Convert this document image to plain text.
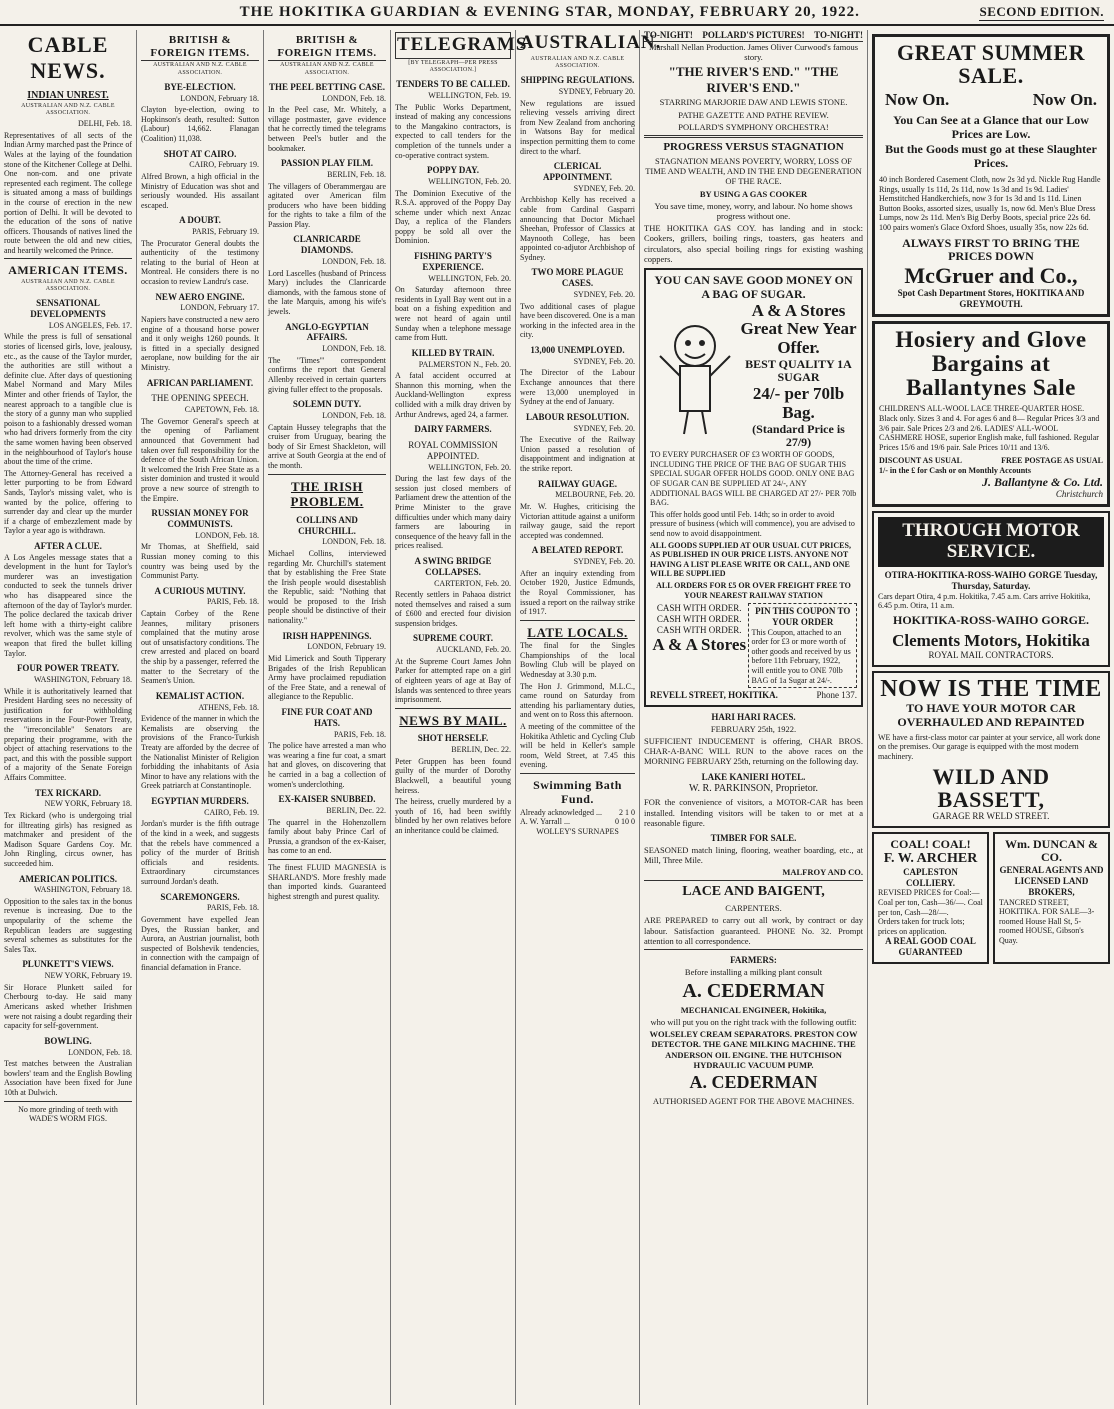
THE HOKITIKA GUARDIAN & EVENING STAR, MONDAY, FEBRUARY 20, 1922.	SECOND EDITION.
CABLE NEWS.
INDIAN UNREST.
AUSTRALIAN AND N.Z. CABLE ASSOCIATION.

DELHI, Feb. 18.

Representatives of all sects of the Indian Army marched past the Prince of Wales at the laying of the foundation stone of the Kitchener College at Delhi. One non-com. and one private represented each regiment. The college is situated among a mass of buildings in the course of erection in the new portion of Delhi. It will be devoted to the education of the sons of native officers. Thousands of natives lined the route between the old and new cities, and heartily welcomed the Prince.

AMERICAN ITEMS.
AUSTRALIAN AND N.Z. CABLE ASSOCIATION.
SENSATIONAL DEVELOPMENTS

LOS ANGELES, Feb. 17.

While the press is full of sensational stories of licensed girls, love, jealousy, etc., as the cause of the Taylor murder, the authorities are still without a definite clue. After days of questioning Mabel Normand and Mary Miles Minter and other friends of Taylor, the nearest approach to a tangible clue is the story of a gunny man who supplied poison to a fashionably dressed woman who had drivers formerly from the city the same women having been observed in the neighbourhood of Taylor's house about the time of the crime.

The Attorney-General has received a letter purporting to be from Edward Sands, Taylor's missing valet, who is wanted by the police, offering to surrender day and clear up the murder if a charge of embezzlement made by Taylor a year ago is withdrawn.

AFTER A CLUE.

A Los Angeles message states that a development in the hunt for Taylor's murderer was an investigation conducted to seek the tunnels driver who has disappeared since the afternoon of the day of Taylor's murder. The police declared the taxicab driver left home with a thirty-eight calibre revolver, which was the same style of weapon that fired the bullet killing Taylor.

FOUR POWER TREATY.

WASHINGTON, February 18.

While it is authoritatively learned that President Harding sees no necessity of justification for withholding reservations in the Four-Power Treaty, the "irreconcilable" Senators are preparing their programme, with the object of attaching reservations to the pact, and this with the possible support of a majority of the Senate Foreign Affairs Committee.

TEX RICKARD.

NEW YORK, February 18.

Tex Rickard (who is undergoing trial for illtreating girls) has resigned as matchmaker and president of the Madison Square Gardens Coy. Mr. John Ringling, circus owner, has succeeded him.

AMERICAN POLITICS.

WASHINGTON, February 18.

Opposition to the sales tax in the bonus revenue is increasing. Due to the unpopularity of the scheme the Republican leaders are suggesting several schemes as substitutes for the Sales Tax.

PLUNKETT'S VIEWS.

NEW YORK, February 19.

Sir Horace Plunkett sailed for Cherbourg to-day. He said many Americans asked whether Irishmen were not raising a doubt regarding their capacity for self-government.

BOWLING.

LONDON, Feb. 18.

Test matches between the Australian bowlers' team and the English Bowling Association have been fixed for June 10th at Dulwich.

No more grinding of teeth with WADE'S WORM FIGS.

BRITISH & FOREIGN ITEMS.
AUSTRALIAN AND N.Z. CABLE ASSOCIATION.
BYE-ELECTION.

LONDON, February 18.

Clayton bye-election, owing to Hopkinson's death, resulted: Sutton (Labour) 14,662. Flanagan (Coalition) 11,038.

SHOT AT CAIRO.

CAIRO, February 19.

Alfred Brown, a high official in the Ministry of Education was shot and seriously wounded. His assailant escaped.

A DOUBT.

PARIS, February 19.

The Procurator General doubts the authenticity of the testimony relating to the burial of Heon at Montreal. He considers there is no occasion to review Landru's case.

NEW AERO ENGINE.

LONDON, February 17.

Napiers have constructed a new aero engine of a thousand horse power and it only weighs 1260 pounds. It is fitted in a specially designed aeroplane, now building for the air Ministry.

AFRICAN PARLIAMENT.
THE OPENING SPEECH.

CAPETOWN, Feb. 18.

The Governor General's speech at the opening of Parliament announced that Government had taken over full responsibility for the defence of the South African Union. It welcomed the Irish Free State as a sister dominion and trusted it would prove a new source of strength to the Empire.

RUSSIAN MONEY FOR COMMUNISTS.

LONDON, Feb. 18.

Mr Thomas, at Sheffield, said Russian money coming to this country was being used by the Communist Party.

A CURIOUS MUTINY.

PARIS, Feb. 18.

Captain Corbey of the Rene Jeannes, military prisoners complained that the mutiny arose out of unsatisfactory conditions. The crew arrested and placed on board the ship by a passenger, referred the matter to the Secretary of the Seamen's Union.

KEMALIST ACTION.

ATHENS, Feb. 18.

Evidence of the manner in which the Kemalists are observing the provisions of the Franco-Turkish Treaty are afforded by the decree of the Nationalist Minister of Religion forbidding the inhabitants of Asia Minor to have any relations with the Greek patriarch at Constantinople.

EGYPTIAN MURDERS.

CAIRO, Feb. 19.

Jordan's murder is the fifth outrage of the kind in a week, and suggests that the rebels have commenced a policy of the murder of British officials and residents. Extraordinary circumstances surround Jordan's death.

SCAREMONGERS.

PARIS, Feb. 18.

Government have expelled Jean Dyes, the Russian banker, and Aurora, an Austrian journalist, both suspected of Bolshevik tendencies, in connection with the campaign of financial defamation in France.

BRITISH & FOREIGN ITEMS.
AUSTRALIAN AND N.Z. CABLE ASSOCIATION.
THE PEEL BETTING CASE.

LONDON, Feb. 18.

In the Peel case, Mr. Whitely, a village postmaster, gave evidence that he correctly timed the telegrams between Peel's butler and the bookmaker.

PASSION PLAY FILM.

BERLIN, Feb. 18.

The villagers of Oberammergau are agitated over American film producers who have been bidding for the rights to take a film of the Passion Play.

CLANRICARDE DIAMONDS.

LONDON, Feb. 18.

Lord Lascelles (husband of Princess Mary) includes the Clanricarde diamonds, with the famous stone of the late Marquis, among his wife's jewels.

ANGLO-EGYPTIAN AFFAIRS.

LONDON, Feb. 18.

The "Times'" correspondent confirms the report that General Allenby received in certain quarters giving fuller effect to the proposals.

SOLEMN DUTY.

LONDON, Feb. 18.

Captain Hussey telegraphs that the cruiser from Uruguay, bearing the body of Sir Ernest Shackleton, will arrive at South Georgia at the end of the month.

THE IRISH PROBLEM.
COLLINS AND CHURCHILL.

LONDON, Feb. 18.

Michael Collins, interviewed regarding Mr. Churchill's statement that by establishing the Free State the Irish people would disestablish the Republic, said: "Nothing that would be proposed to the Irish people should be distinctive of their nationality."

IRISH HAPPENINGS.

LONDON, February 19.

Mid Limerick and South Tipperary Brigades of the Irish Republican Army have proclaimed repudiation of the Free State, and a renewal of allegiance to the Republic.

FINE FUR COAT AND HATS.

PARIS, Feb. 18.

The police have arrested a man who was wearing a fine fur coat, a smart hat and gloves, on discovering that he carried in a bag a collection of women's underclothing.

EX-KAISER SNUBBED.

BERLIN, Dec. 22.

The quarrel in the Hohenzollern family about baby Prince Carl of Prussia, a grandson of the ex-Kaiser, has come to an end.

The finest FLUID MAGNESIA is SHARLAND'S. More freshly made than imported kinds. Guaranteed highest strength and purest quality.

TELEGRAMS
[BY TELEGRAPH—PER PRESS ASSOCIATION.]
TENDERS TO BE CALLED.

WELLINGTON, Feb. 19.

The Public Works Department, instead of making any concessions to the Mangakino contractors, is expected to call tenders for the completion of the tunnels under a co-operative contract system.

POPPY DAY.

WELLINGTON, Feb. 20.

The Dominion Executive of the R.S.A. approved of the Poppy Day scheme under which next Anzac Day, a replica of the Flanders poppy be sold all over the Dominion.

FISHING PARTY'S EXPERIENCE.

WELLINGTON, Feb. 20.

On Saturday afternoon three residents in Lyall Bay went out in a boat on a fishing expedition and were not heard of again until Sunday when a telephone message came from Hutt.

KILLED BY TRAIN.

PALMERSTON N., Feb. 20.

A fatal accident occurred at Shannon this morning, when the Auckland-Wellington express collided with a milk dray driven by Arthur Andrews, aged 24, a farmer.

DAIRY FARMERS.
ROYAL COMMISSION APPOINTED.

WELLINGTON, Feb. 20.

During the last few days of the session just closed members of Parliament drew the attention of the Prime Minister to the grave difficulties under which many dairy farmers are labouring in consequence of the heavy fall in the prices realised.

A SWING BRIDGE COLLAPSES.

CARTERTON, Feb. 20.

Recently settlers in Pahaoa district noted themselves and raised a sum of £600 and erected four division suspension bridges.

SUPREME COURT.

AUCKLAND, Feb. 20.

At the Supreme Court James John Parker for attempted rape on a girl of eighteen years of age at Bay of Islands was sentenced to three years imprisonment.

NEWS BY MAIL.
SHOT HERSELF.

BERLIN, Dec. 22.

Peter Gruppen has been found guilty of the murder of Dorothy Blackwell, a beautiful young heiress.

The heiress, cruelly murdered by a youth of 16, had been swiftly blinded by her own relatives before an inheritance could be claimed.

AUSTRALIAN.
AUSTRALIAN AND N.Z. CABLE ASSOCIATION.
SHIPPING REGULATIONS.

SYDNEY, February 20.

New regulations are issued relieving vessels arriving direct from New Zealand from anchoring in Watsons Bay for medical inspection permitting them to come direct to the wharf.

CLERICAL APPOINTMENT.

SYDNEY, Feb. 20.

Archbishop Kelly has received a cable from Cardinal Gasparri announcing that Doctor Michael Sheehan, Professor of Classics at Maynooth College, has been appointed co-adjutor Archbishop of Sydney.

TWO MORE PLAGUE CASES.

SYDNEY, Feb. 20.

Two additional cases of plague have been discovered. One is a man working in the infected area in the city.

13,000 UNEMPLOYED.

SYDNEY, Feb. 20.

The Director of the Labour Exchange announces that there were 13,000 unemployed in Sydney at the end of January.

LABOUR RESOLUTION.

SYDNEY, Feb. 20.

The Executive of the Railway Union passed a resolution of disappointment and indignation at the strike report.

RAILWAY GUAGE.

MELBOURNE, Feb. 20.

Mr. W. Hughes, criticising the Victorian attitude against a uniform railway gauge, said the report accepted was condemned.

A BELATED REPORT.

SYDNEY, Feb. 20.

After an inquiry extending from October 1920, Justice Edmunds, the Royal Commissioner, has issued a report on the railway strike of 1917.

LATE LOCALS.

The final for the Singles Championships of the local Bowling Club will be played on Wednesday at 3.30 p.m.

The Hon J. Grimmond, M.L.C., came round on Saturday from attending his parliamentary duties, and went on to Ross this afternoon.

A meeting of the committee of the Hokitika Athletic and Cycling Club will be held in Keller's sample room, Weld Street, at 7.45 this evening.

Swimming Bath Fund.
Already acknowledged ... 2 1 0
A. W. Yarrall ...	0 10 0

WOLLEY'S SURNAPES

TO-NIGHT! POLLARD'S PICTURES! TO-NIGHT!

Marshall Nellan Production. James Oliver Curwood's famous story.

"THE RIVER'S END." "THE RIVER'S END."

STARRING MARJORIE DAW AND LEWIS STONE.

PATHE GAZETTE AND PATHE REVIEW.

POLLARD'S SYMPHONY ORCHESTRA!

PROGRESS VERSUS STAGNATION

STAGNATION MEANS POVERTY, WORRY, LOSS OF TIME AND WEALTH, AND IN THE END DEGENERATION OF THE RACE.

BY USING A GAS COOKER

You save time, money, worry, and labour. No home shows progress without one.

THE HOKITIKA GAS COY. has landing and in stock: Cookers, grillers, boiling rings, toasters, gas heaters and circulators, also special boiling rings for existing washing coppers.

YOU CAN SAVE GOOD MONEY ON A BAG OF SUGAR.
A & A Stores Great New Year Offer.
BEST QUALITY 1A SUGAR
24/- per 70lb Bag.
(Standard Price is 27/9)
TO EVERY PURCHASER OF £3 WORTH OF GOODS, INCLUDING THE PRICE OF THE BAG OF SUGAR THIS SPECIAL SUGAR OFFER HOLDS GOOD. ONLY ONE BAG OF SUGAR CAN BE SUPPLIED AT 24/-, ANY ADDITIONAL BAGS WILL BE CHARGED AT 27/- PER 70lb BAG.
This offer holds good until Feb. 14th; so in order to avoid pressure of business (which will commence), you are advised to send now to avoid disappointment.
ALL GOODS SUPPLIED AT OUR USUAL CUT PRICES, AS PUBLISHED IN OUR PRICE LISTS. ANYONE NOT HAVING A LIST PLEASE WRITE OR CALL, AND ONE WILL BE SUPPLIED
ALL ORDERS FOR £5 OR OVER FREIGHT FREE TO YOUR NEAREST RAILWAY STATION
CASH WITH ORDER.
CASH WITH ORDER.
CASH WITH ORDER.
A & A Stores
PIN THIS COUPON TO YOUR ORDER
This Coupon, attached to an order for £3 or more worth of other goods and received by us before 11th February, 1922, will entitle you to ONE 70lb BAG of 1a Sugar at 24/-.
REVELL STREET, HOKITIKA.	Phone 137.
HARI HARI RACES.

FEBRUARY 25th, 1922.

SUFFICIENT INDUCEMENT is offering, CHAR BROS. CHAR-A-BANC WILL RUN to the above races on the MORNING FEBRUARY 25th, returning on the following day.

LAKE KANIERI HOTEL.

W. R. PARKINSON, Proprietor.

FOR the convenience of visitors, a MOTOR-CAR has been installed. Intending visitors will be taken to or met at a reasonable figure.

TIMBER FOR SALE.

SEASONED match lining, flooring, weather boarding, etc., at Mill, Three Mile.

MALFROY AND CO.

LACE AND BAIGENT,

CARPENTERS.

ARE PREPARED to carry out all work, by contract or day labour. Satisfaction guaranteed. PHONE No. 32. Prompt attention to all correspondence.

FARMERS:

Before installing a milking plant consult

A. CEDERMAN

MECHANICAL ENGINEER, Hokitika,

who will put you on the right track with the following outfit:

WOLSELEY CREAM SEPARATORS. PRESTON COW DETECTOR. THE GANE MILKING MACHINE. THE ANDERSON OIL ENGINE. THE HUTCHISON HYDRAULIC VACUUM PUMP.

A. CEDERMAN

AUTHORISED AGENT FOR THE ABOVE MACHINES.

GREAT SUMMER SALE.
Now On.	Now On.
You Can See at a Glance that our Low Prices are Low.
But the Goods must go at these Slaughter Prices.
40 inch Bordered Casement Cloth, now 2s 3d yd. Nickle Rug Handle Rings, usually 1s 11d, 2s 11d, now 1s 3d and 1s 9d. Ladies' Hemstitched Handkerchiefs, now 3 for 1s 3d and 1s 11d. Linen Button Books, assorted sizes, usually 1s, now 6d. Men's Blue Dress Lumps, now 2s 11d. Men's Big Derby Boots, special price 22s 6d. 100 pairs women's Glace Oxford Shoes, usually 35s, now 22s 6d.
ALWAYS FIRST TO BRING THE PRICES DOWN
McGruer and Co.,
Spot Cash Department Stores, HOKITIKA AND GREYMOUTH.
Hosiery and Glove Bargains at Ballantynes Sale
CHILDREN'S ALL-WOOL LACE THREE-QUARTER HOSE. Black only. Sizes 3 and 4. For ages 6 and 8— Regular Prices 3/3 and 3/6 pair. Sale Prices 2/3 and 2/6. LADIES' ALL-WOOL CASHMERE HOSE, superior English make, full fashioned. Regular Prices 15/6 and 19/6 pair. Sale Prices 10/11 and 13/6.
DISCOUNT AS USUAL	FREE POSTAGE AS USUAL
1/- in the £ for Cash or on Monthly Accounts
J. Ballantyne & Co. Ltd.
Christchurch
THROUGH MOTOR SERVICE.
OTIRA-HOKITIKA-ROSS-WAIHO GORGE Tuesday, Thursday, Saturday.
Cars depart Otira, 4 p.m. Hokitika, 7.45 a.m. Cars arrive Hokitika, 6.45 p.m. Otira, 11 a.m.
HOKITIKA-ROSS-WAIHO GORGE.
Clements Motors, Hokitika
ROYAL MAIL CONTRACTORS.
NOW IS THE TIME
TO HAVE YOUR MOTOR CAR OVERHAULED AND REPAINTED
WE have a first-class motor car painter at your service, all work done on the premises. Our garage is equipped with the most modern machinery.
WILD AND BASSETT,
GARAGE RR WELD STREET.
COAL! COAL!
F. W. ARCHER
CAPLESTON COLLIERY.
REVISED PRICES for Coal:— Coal per ton, Cash—36/—. Coal per ton, Cash—28/—.
Orders taken for truck lots; prices on application.
A REAL GOOD COAL GUARANTEED
Wm. DUNCAN & CO.
GENERAL AGENTS AND LICENSED LAND BROKERS,
TANCRED STREET, HOKITIKA. FOR SALE—3-roomed House Hall St, 5-roomed HOUSE, Gibson's Quay.
